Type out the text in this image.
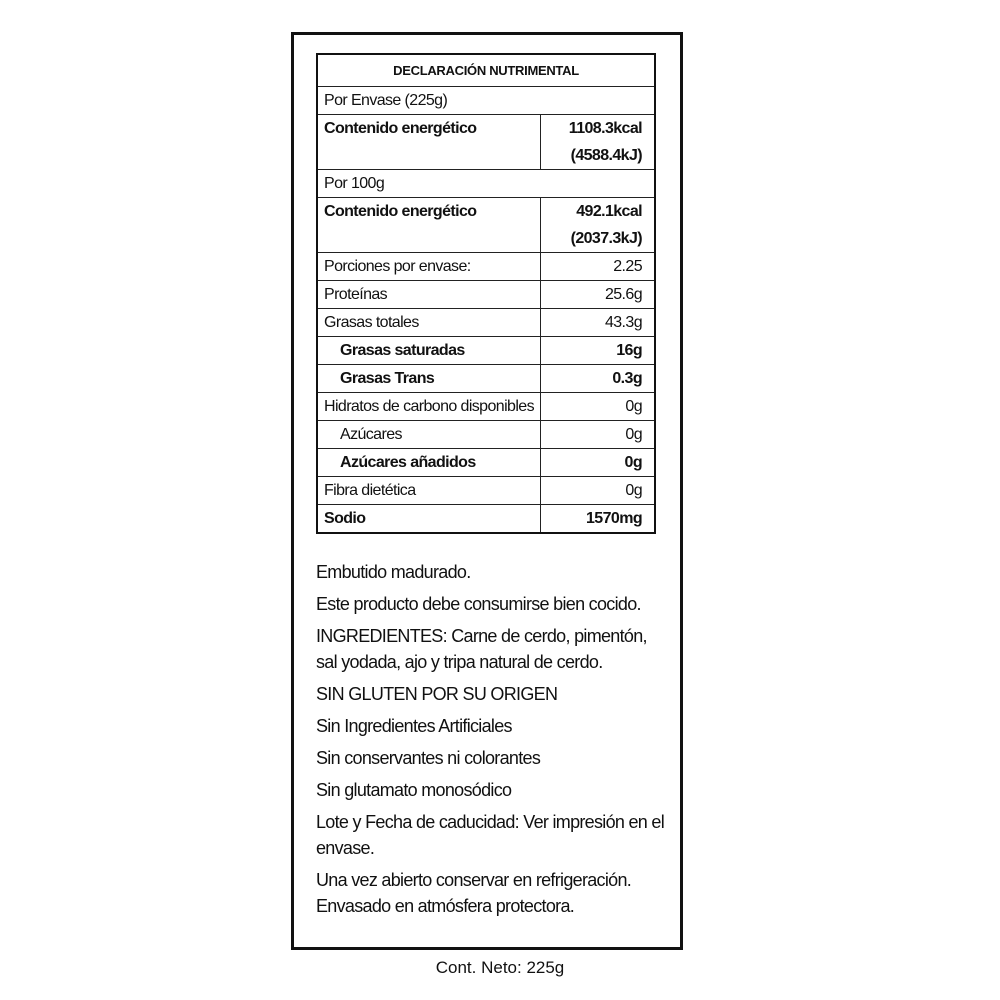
DECLARACIÓN NUTRIMENTAL	
Por Envase (225g)	
Contenido energético	1108.3kcal
(4588.4kJ)

Por 100g	
Contenido energético	492.1kcal
(2037.3kJ)

Porciones por envase:	2.25
Proteínas	25.6g
Grasas totales	43.3g
Grasas saturadas	16g
Grasas Trans	0.3g
Hidratos de carbono disponibles	0g
Azúcares	0g
Azúcares añadidos	0g
Fibra dietética	0g
Sodio	1570mg

Embutido madurado.

Este producto debe consumirse bien cocido.

INGREDIENTES: Carne de cerdo, pimentón, sal yodada, ajo y tripa natural de cerdo.

SIN GLUTEN POR SU ORIGEN

Sin Ingredientes Artificiales

Sin conservantes ni colorantes

Sin glutamato monosódico

Lote y Fecha de caducidad: Ver impresión en el envase.

Una vez abierto conservar en refrigeración.
Envasado en atmósfera protectora.

Cont. Neto: 225g
